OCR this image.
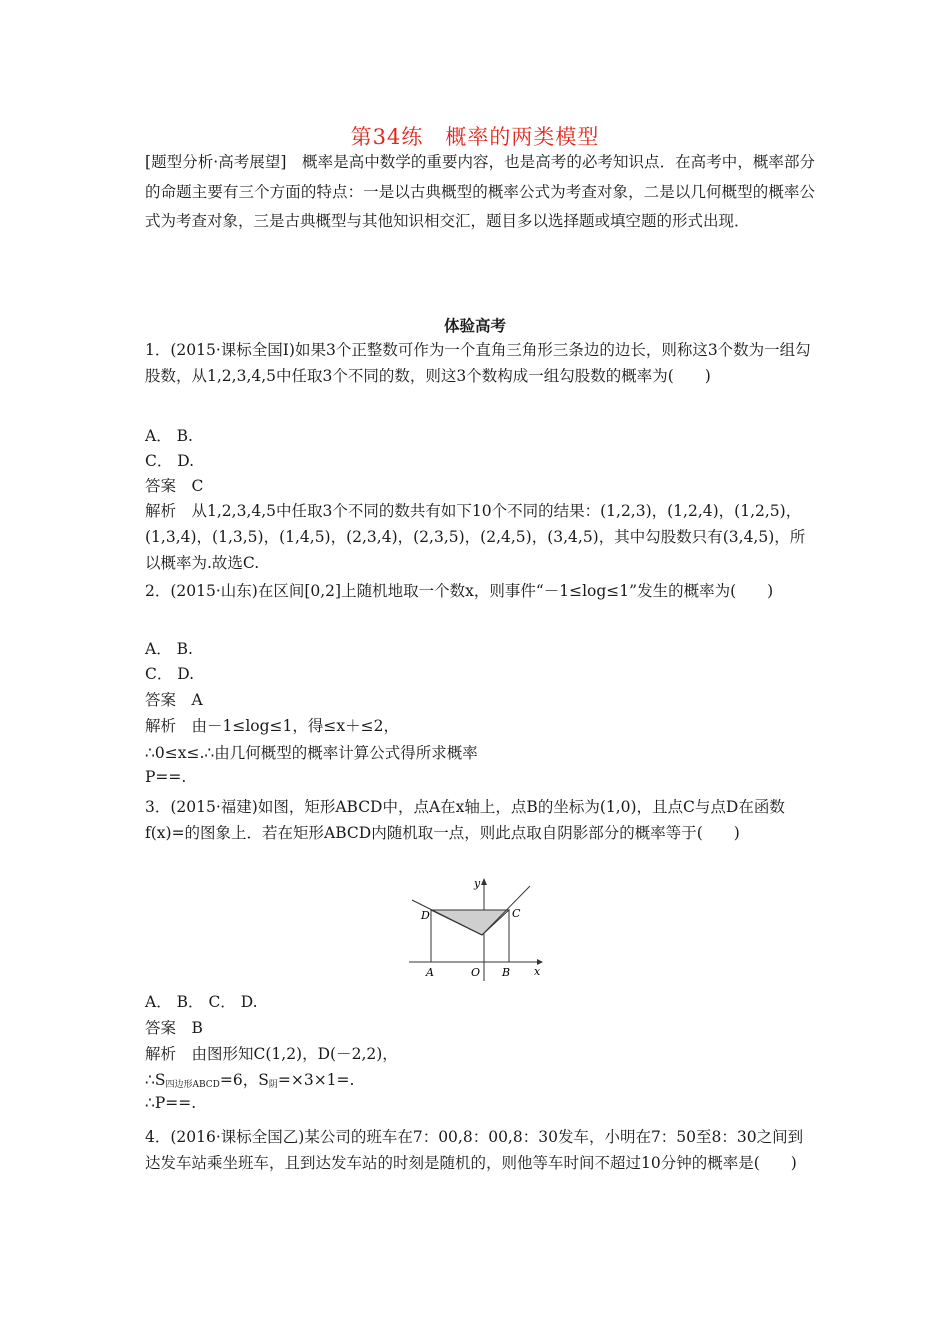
第34练　概率的两类模型
[题型分析·高考展望]　概率是高中数学的重要内容，也是高考的必考知识点．在高考中，概率部分的命题主要有三个方面的特点：一是以古典概型的概率公式为考查对象，二是以几何概型的概率公式为考查对象，三是古典概型与其他知识相交汇，题目多以选择题或填空题的形式出现．
体验高考
1．(2015·课标全国Ⅰ)如果3个正整数可作为一个直角三角形三条边的边长，则称这3个数为一组勾股数，从1,2,3,4,5中任取3个不同的数，则这3个数构成一组勾股数的概率为(　　)
A． B.
C． D.
答案　C
解析　从1,2,3,4,5中任取3个不同的数共有如下10个不同的结果：(1,2,3)，(1,2,4)，(1,2,5)，(1,3,4)，(1,3,5)，(1,4,5)，(2,3,4)，(2,3,5)，(2,4,5)，(3,4,5)，其中勾股数只有(3,4,5)，所以概率为.故选C.
2．(2015·山东)在区间[0,2]上随机地取一个数x，则事件“－1≤log≤1”发生的概率为(　　)
A． B.
C． D.
答案　A
解析　由－1≤log≤1，得≤x＋≤2，
∴0≤x≤.∴由几何概型的概率计算公式得所求概率
P==.
3．(2015·福建)如图，矩形ABCD中，点A在x轴上，点B的坐标为(1,0)，且点C与点D在函数f(x)=的图象上．若在矩形ABCD内随机取一点，则此点取自阴影部分的概率等于(　　)
y
x
D	C
A	O B
A． B． C． D.
答案　B
解析　由图形知C(1,2)，D(－2,2)，
$\therefore S_{四边形ABCD}=6$，$S_阴=\times 3\times 1=$.
∴P==.
4．(2016·课标全国乙)某公司的班车在7：00,8：00,8：30发车，小明在7：50至8：30之间到达发车站乘坐班车，且到达发车站的时刻是随机的，则他等车时间不超过10分钟的概率是(　　)
